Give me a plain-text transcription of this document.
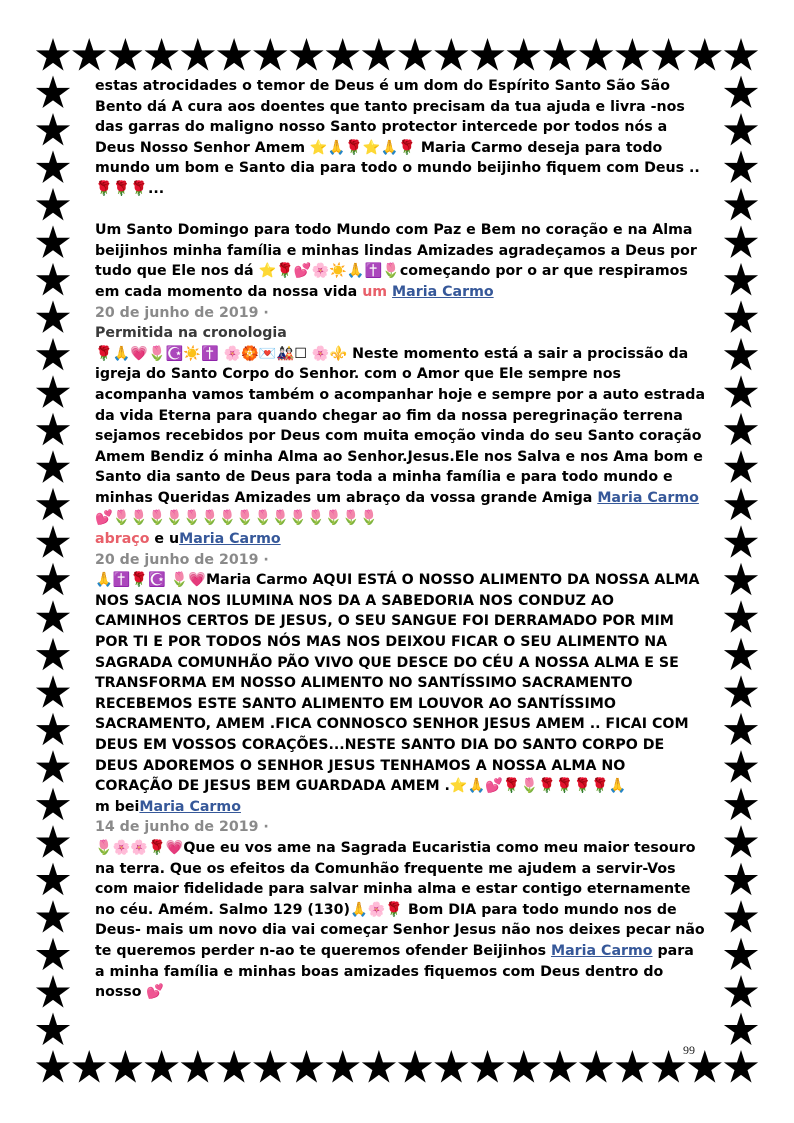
estas atrocidades o temor de Deus é um dom do Espírito Santo São São Bento dá A cura aos doentes que tanto precisam da tua ajuda e livra -nos das garras do maligno nosso Santo protector intercede por todos nós a Deus Nosso Senhor Amem ⭐🙏🌹⭐🙏🌹 Maria Carmo deseja para todo mundo um bom e Santo dia para todo o mundo beijinho fiquem com Deus ..🌹🌹🌹...

Um Santo Domingo para todo Mundo com Paz e Bem no coração e na Alma beijinhos minha família e minhas lindas Amizades agradeçamos a Deus por tudo que Ele nos dá ⭐🌹💕🌸☀️🙏✝️🌷começando por o ar que respiramos em cada momento da nossa vida um Maria Carmo

20 de junho de 2019 ·
Permitida na cronologia

🌹🙏💗🌷☪️☀️✝️ 🌸🏵️💌🎎☐ 🌸⚜️ Neste momento está a sair a procissão da igreja do Santo Corpo do Senhor. com o Amor que Ele sempre nos acompanha vamos também o acompanhar hoje e sempre por a auto estrada da vida Eterna para quando chegar ao fim da nossa peregrinação terrena sejamos recebidos por Deus com muita emoção vinda do seu Santo coração Amem Bendiz ó minha Alma ao Senhor.Jesus.Ele nos Salva e nos Ama bom e Santo dia santo de Deus para toda a minha família e para todo mundo e minhas Queridas Amizades um abraço da vossa grande Amiga Maria Carmo💕🌷🌷🌷🌷🌷🌷🌷🌷🌷🌷🌷🌷🌷🌷🌷

abraço e uMaria Carmo
20 de junho de 2019 ·

🙏✝️🌹☪️ 🌷💗Maria Carmo AQUI ESTÁ O NOSSO ALIMENTO DA NOSSA ALMA NOS SACIA NOS ILUMINA NOS DA A SABEDORIA NOS CONDUZ AO CAMINHOS CERTOS DE JESUS, O SEU SANGUE FOI DERRAMADO POR MIM POR TI E POR TODOS NÓS MAS NOS DEIXOU FICAR O SEU ALIMENTO NA SAGRADA COMUNHÃO PÃO VIVO QUE DESCE DO CÉU A NOSSA ALMA E SE TRANSFORMA EM NOSSO ALIMENTO NO SANTÍSSIMO SACRAMENTO RECEBEMOS ESTE SANTO ALIMENTO EM LOUVOR AO SANTÍSSIMO SACRAMENTO, AMEM .FICA CONNOSCO SENHOR JESUS AMEM .. FICAI COM DEUS EM VOSSOS CORAÇÕES...NESTE SANTO DIA DO SANTO CORPO DE DEUS ADOREMOS O SENHOR JESUS TENHAMOS A NOSSA ALMA NO CORAÇÃO DE JESUS BEM GUARDADA AMEM .⭐🙏💕🌹🌷🌹🌹🌹🌹🙏

m beiMaria Carmo
14 de junho de 2019 ·

🌷🌸🌸🌹💗Que eu vos ame na Sagrada Eucaristia como meu maior tesouro na terra. Que os efeitos da Comunhão frequente me ajudem a servir-Vos com maior fidelidade para salvar minha alma e estar contigo eternamente no céu. Amém. Salmo 129 (130)🙏🌸🌹 Bom DIA para todo mundo nos de Deus- mais um novo dia vai começar Senhor Jesus não nos deixes pecar não te queremos perder n-ao te queremos ofender Beijinhos Maria Carmo para a minha família e minhas boas amizades fiquemos com Deus dentro do nosso 💕

99
